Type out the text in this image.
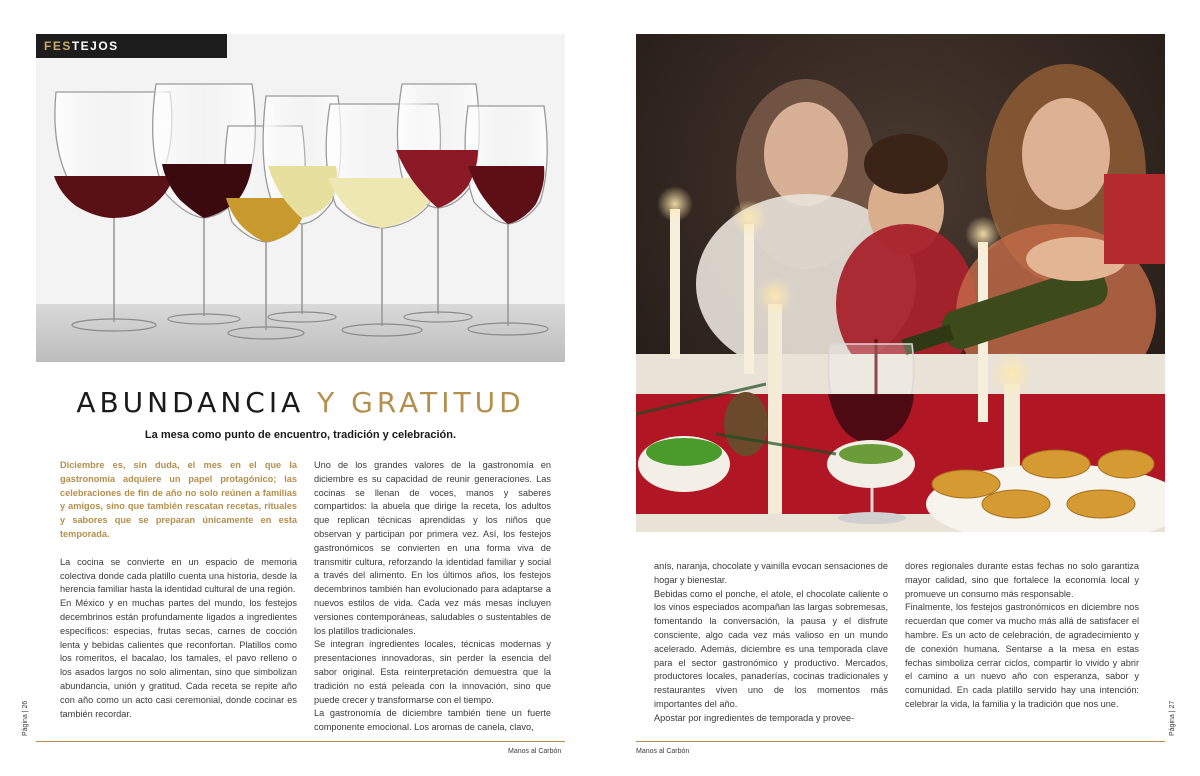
FES TEJOS
ABUNDANCIA Y GRATITUD
La mesa como punto de encuentro, tradición y celebración.

Diciembre es, sin duda, el mes en el que la gastronomía adquiere un papel protagónico; las celebraciones de fin de año no solo reúnen a familias y amigos, sino que también rescatan recetas, rituales y sabores que se preparan únicamente en esta temporada.

La cocina se convierte en un espacio de memoria colectiva donde cada platillo cuenta una historia, desde la herencia familiar hasta la identidad cultural de una región.

En México y en muchas partes del mundo, los festejos decembrinos están profundamente ligados a ingredientes específicos: especias, frutas secas, carnes de cocción lenta y bebidas calientes que reconfortan. Platillos como los romeritos, el bacalao, los tamales, el pavo relleno o los asados largos no solo alimentan, sino que simbolizan abundancia, unión y gratitud. Cada receta se repite año con año como un acto casi ceremonial, donde cocinar es también recordar.

Uno de los grandes valores de la gastronomía en diciembre es su capacidad de reunir generaciones. Las cocinas se llenan de voces, manos y saberes compartidos: la abuela que dirige la receta, los adultos que replican técnicas aprendidas y los niños que observan y participan por primera vez. Así, los festejos gastronómicos se convierten en una forma viva de transmitir cultura, reforzando la identidad familiar y social a través del alimento. En los últimos años, los festejos decembrinos también han evolucionado para adaptarse a nuevos estilos de vida. Cada vez más mesas incluyen versiones contemporáneas, saludables o sustentables de los platillos tradicionales.

Se integran ingredientes locales, técnicas modernas y presentaciones innovadoras, sin perder la esencia del sabor original. Esta reinterpretación demuestra que la tradición no está peleada con la innovación, sino que puede crecer y transformarse con el tiempo.

La gastronomía de diciembre también tiene un fuerte componente emocional. Los aromas de canela, clavo,

Página | 26
Manos al Carbón

anís, naranja, chocolate y vainilla evocan sensaciones de hogar y bienestar.

Bebidas como el ponche, el atole, el chocolate caliente o los vinos especiados acompañan las largas sobremesas, fomentando la conversación, la pausa y el disfrute consciente, algo cada vez más valioso en un mundo acelerado. Además, diciembre es una temporada clave para el sector gastronómico y productivo. Mercados, productores locales, panaderías, cocinas tradicionales y restaurantes viven uno de los momentos más importantes del año.

Apostar por ingredientes de temporada y provee-

dores regionales durante estas fechas no solo garantiza mayor calidad, sino que fortalece la economía local y promueve un consumo más responsable.

Finalmente, los festejos gastronómicos en diciembre nos recuerdan que comer va mucho más allá de satisfacer el hambre. Es un acto de celebración, de agradecimiento y de conexión humana. Sentarse a la mesa en estas fechas simboliza cerrar ciclos, compartir lo vivido y abrir el camino a un nuevo año con esperanza, sabor y comunidad. En cada platillo servido hay una intención: celebrar la vida, la familia y la tradición que nos une.	Página | 27
Manos al Carbón
